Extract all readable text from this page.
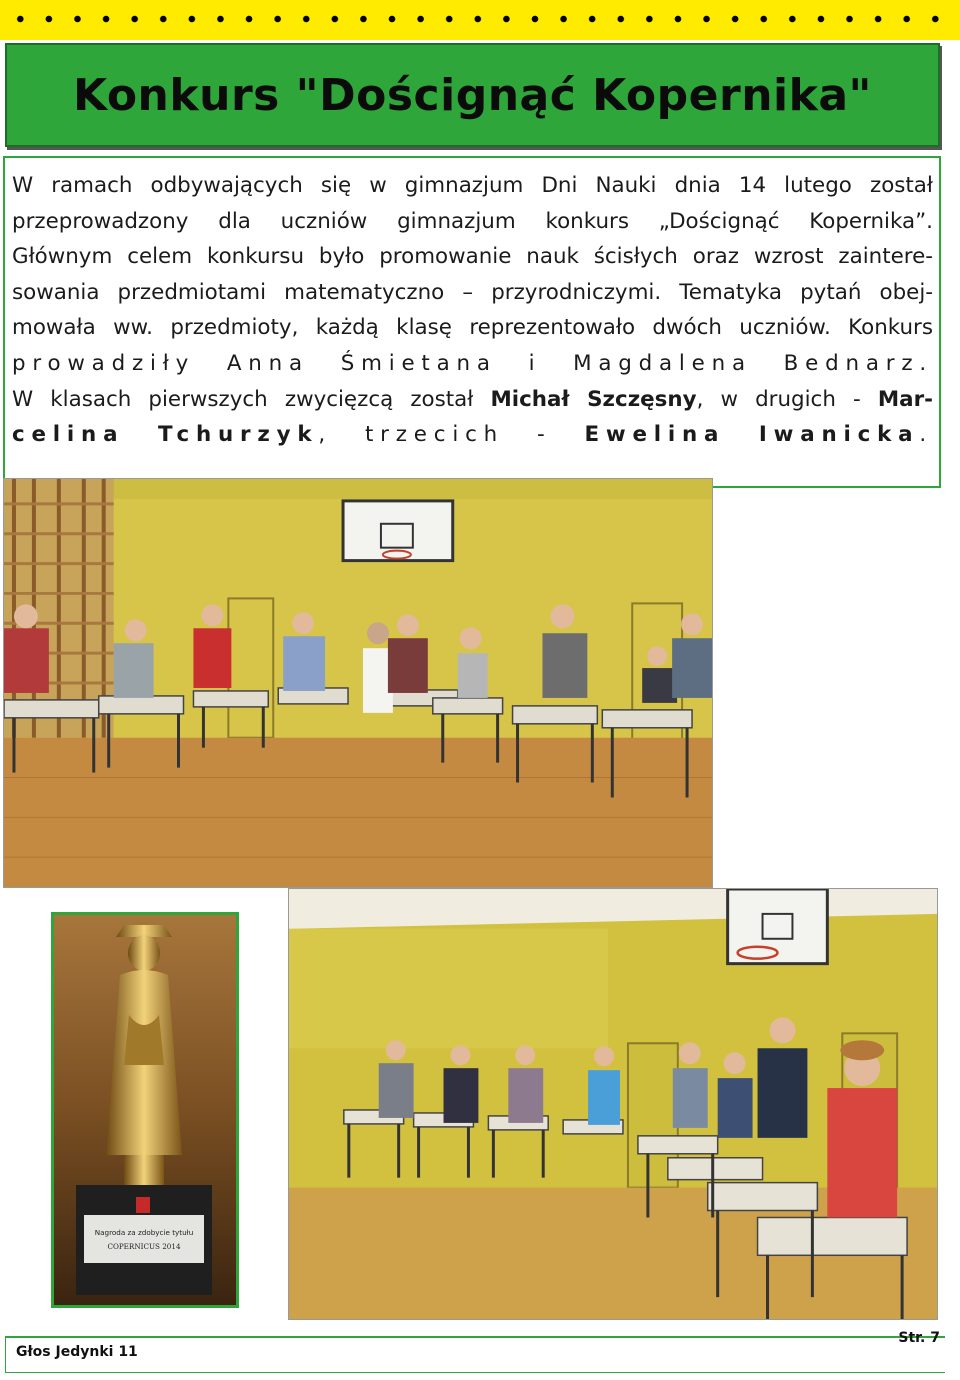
Konkurs "Doścignąć Kopernika"

W ramach odbywających się w gimnazjum Dni Nauki dnia 14 lutego został
przeprowadzony dla uczniów gimnazjum konkurs „Doścignąć Kopernika”.
Głównym celem konkursu było promowanie nauk ścisłych oraz wzrost zaintere-
sowania przedmiotami matematyczno – przyrodniczymi. Tematyka pytań obej-
mowała ww. przedmioty, każdą klasę reprezentowało dwóch uczniów. Konkurs
prowadziły Anna Śmietana i Magdalena Bednarz.
W klasach pierwszych zwycięzcą został Michał Szczęsny, w drugich - Mar-
celina Tchurzyk, trzecich - Ewelina Iwanicka.

Nagroda za zdobycie tytułu
COPERNICUS 2014
Głos Jedynki 11
Str. 7
